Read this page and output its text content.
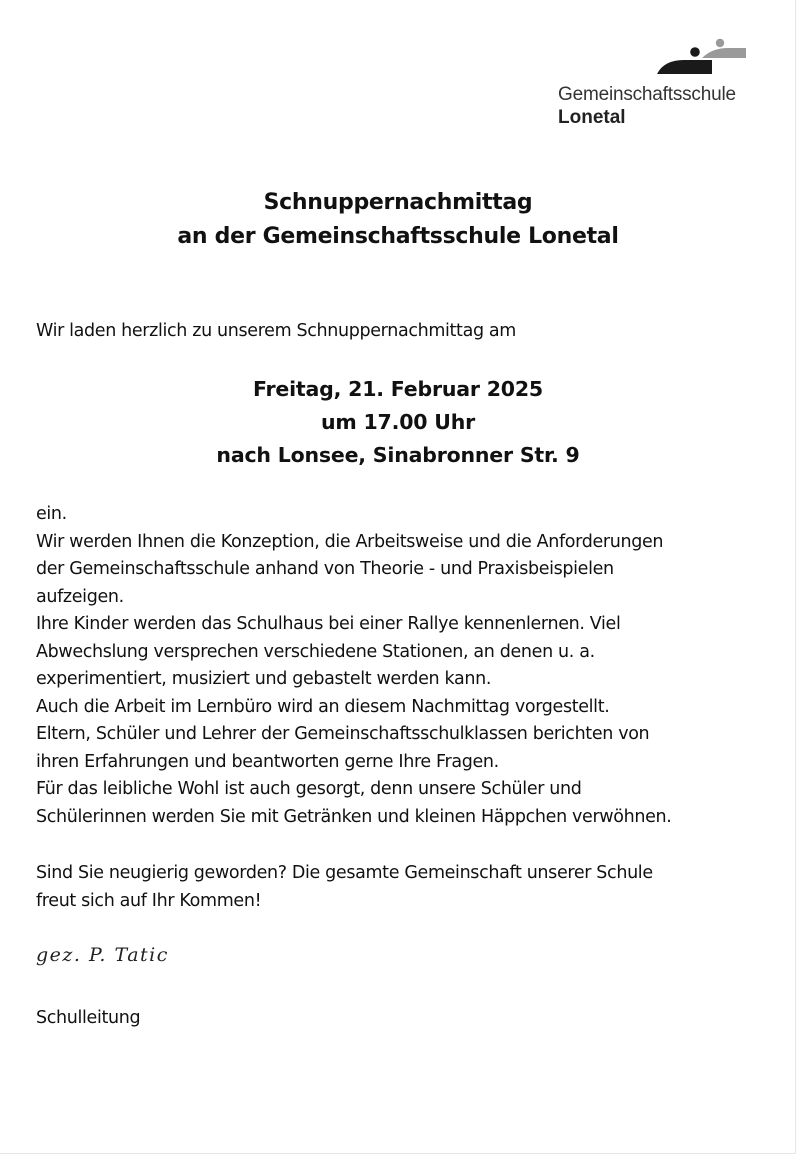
Gemeinschaftsschule
Lonetal
Schnuppernachmittag
an der Gemeinschaftsschule Lonetal
Wir laden herzlich zu unserem Schnuppernachmittag am
Freitag, 21. Februar 2025
um 17.00 Uhr
nach Lonsee, Sinabronner Str. 9
ein.
Wir werden Ihnen die Konzeption, die Arbeitsweise und die Anforderungen
der Gemeinschaftsschule anhand von Theorie - und Praxisbeispielen
aufzeigen.
Ihre Kinder werden das Schulhaus bei einer Rallye kennenlernen. Viel
Abwechslung versprechen verschiedene Stationen, an denen u. a.
experimentiert, musiziert und gebastelt werden kann.
Auch die Arbeit im Lernbüro wird an diesem Nachmittag vorgestellt.
Eltern, Schüler und Lehrer der Gemeinschaftsschulklassen berichten von
ihren Erfahrungen und beantworten gerne Ihre Fragen.
Für das leibliche Wohl ist auch gesorgt, denn unsere Schüler und
Schülerinnen werden Sie mit Getränken und kleinen Häppchen verwöhnen.
Sind Sie neugierig geworden? Die gesamte Gemeinschaft unserer Schule
freut sich auf Ihr Kommen!
gez. P. Tatic
Schulleitung
